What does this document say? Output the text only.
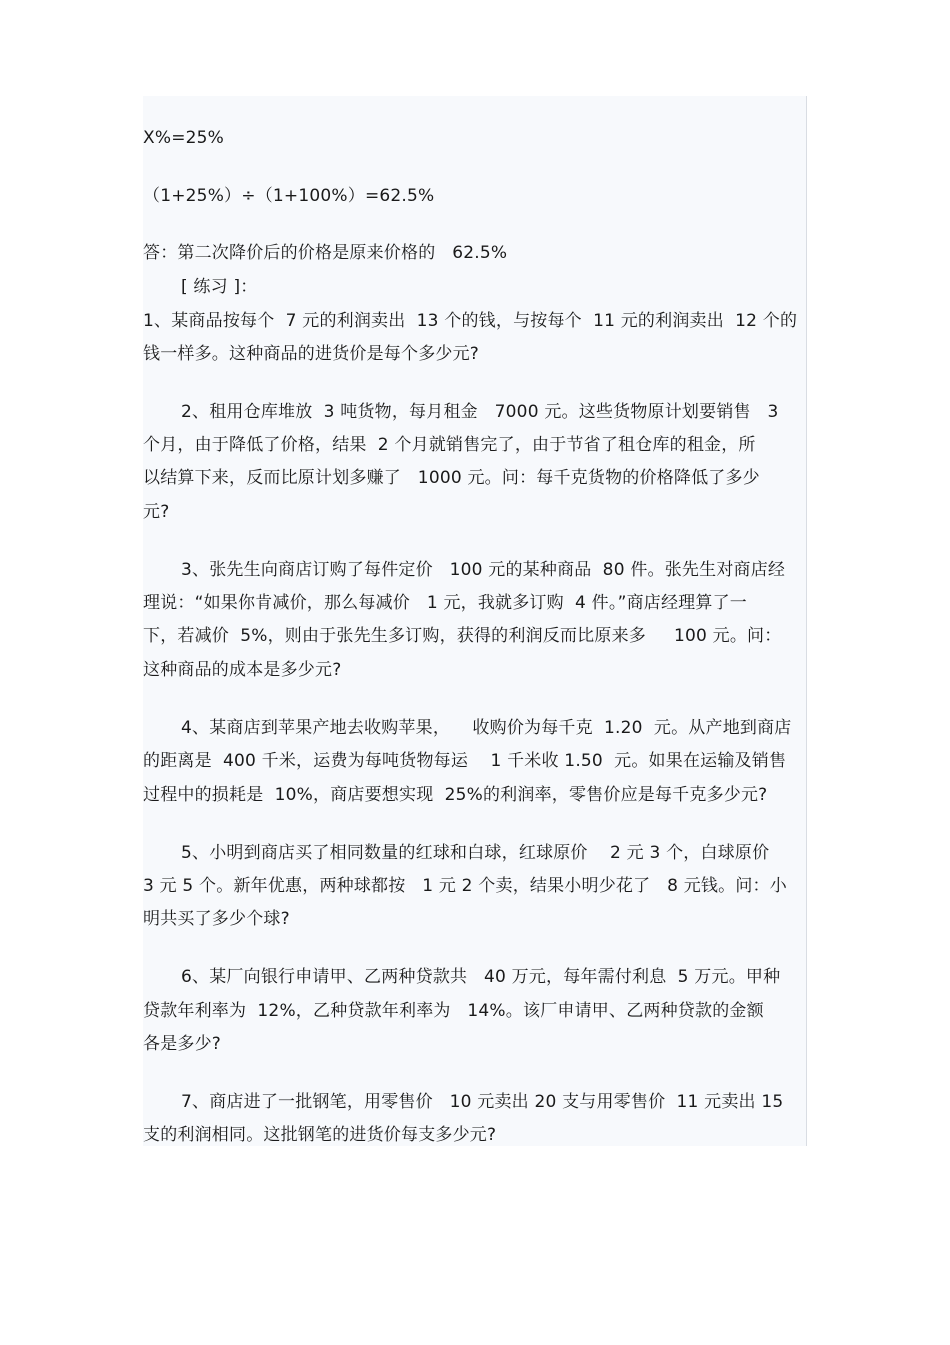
X%=25%
（1+25%）÷（1+100%）=62.5%
答：第二次降价后的价格是原来价格的   62.5%
[ 练习 ]：
1、某商品按每个  7 元的利润卖出  13 个的钱，与按每个  11 元的利润卖出  12 个的
钱一样多。这种商品的进货价是每个多少元?
2、租用仓库堆放  3 吨货物，每月租金   7000 元。这些货物原计划要销售   3
个月，由于降低了价格，结果  2 个月就销售完了，由于节省了租仓库的租金，所
以结算下来，反而比原计划多赚了   1000 元。问：每千克货物的价格降低了多少
元?
3、张先生向商店订购了每件定价   100 元的某种商品  80 件。张先生对商店经
理说：“如果你肯减价，那么每减价   1 元，我就多订购  4 件。”商店经理算了一
下，若减价  5%，则由于张先生多订购，获得的利润反而比原来多     100 元。问：
这种商品的成本是多少元?
4、某商店到苹果产地去收购苹果，    收购价为每千克  1.20  元。从产地到商店
的距离是  400 千米，运费为每吨货物每运    1 千米收 1.50  元。如果在运输及销售
过程中的损耗是  10%，商店要想实现  25%的利润率，零售价应是每千克多少元?
5、小明到商店买了相同数量的红球和白球，红球原价    2 元 3 个，白球原价
3 元 5 个。新年优惠，两种球都按   1 元 2 个卖，结果小明少花了   8 元钱。问：小
明共买了多少个球?
6、某厂向银行申请甲、乙两种贷款共   40 万元，每年需付利息  5 万元。甲种
贷款年利率为  12%，乙种贷款年利率为   14%。该厂申请甲、乙两种贷款的金额
各是多少?
7、商店进了一批钢笔，用零售价   10 元卖出 20 支与用零售价  11 元卖出 15
支的利润相同。这批钢笔的进货价每支多少元?
